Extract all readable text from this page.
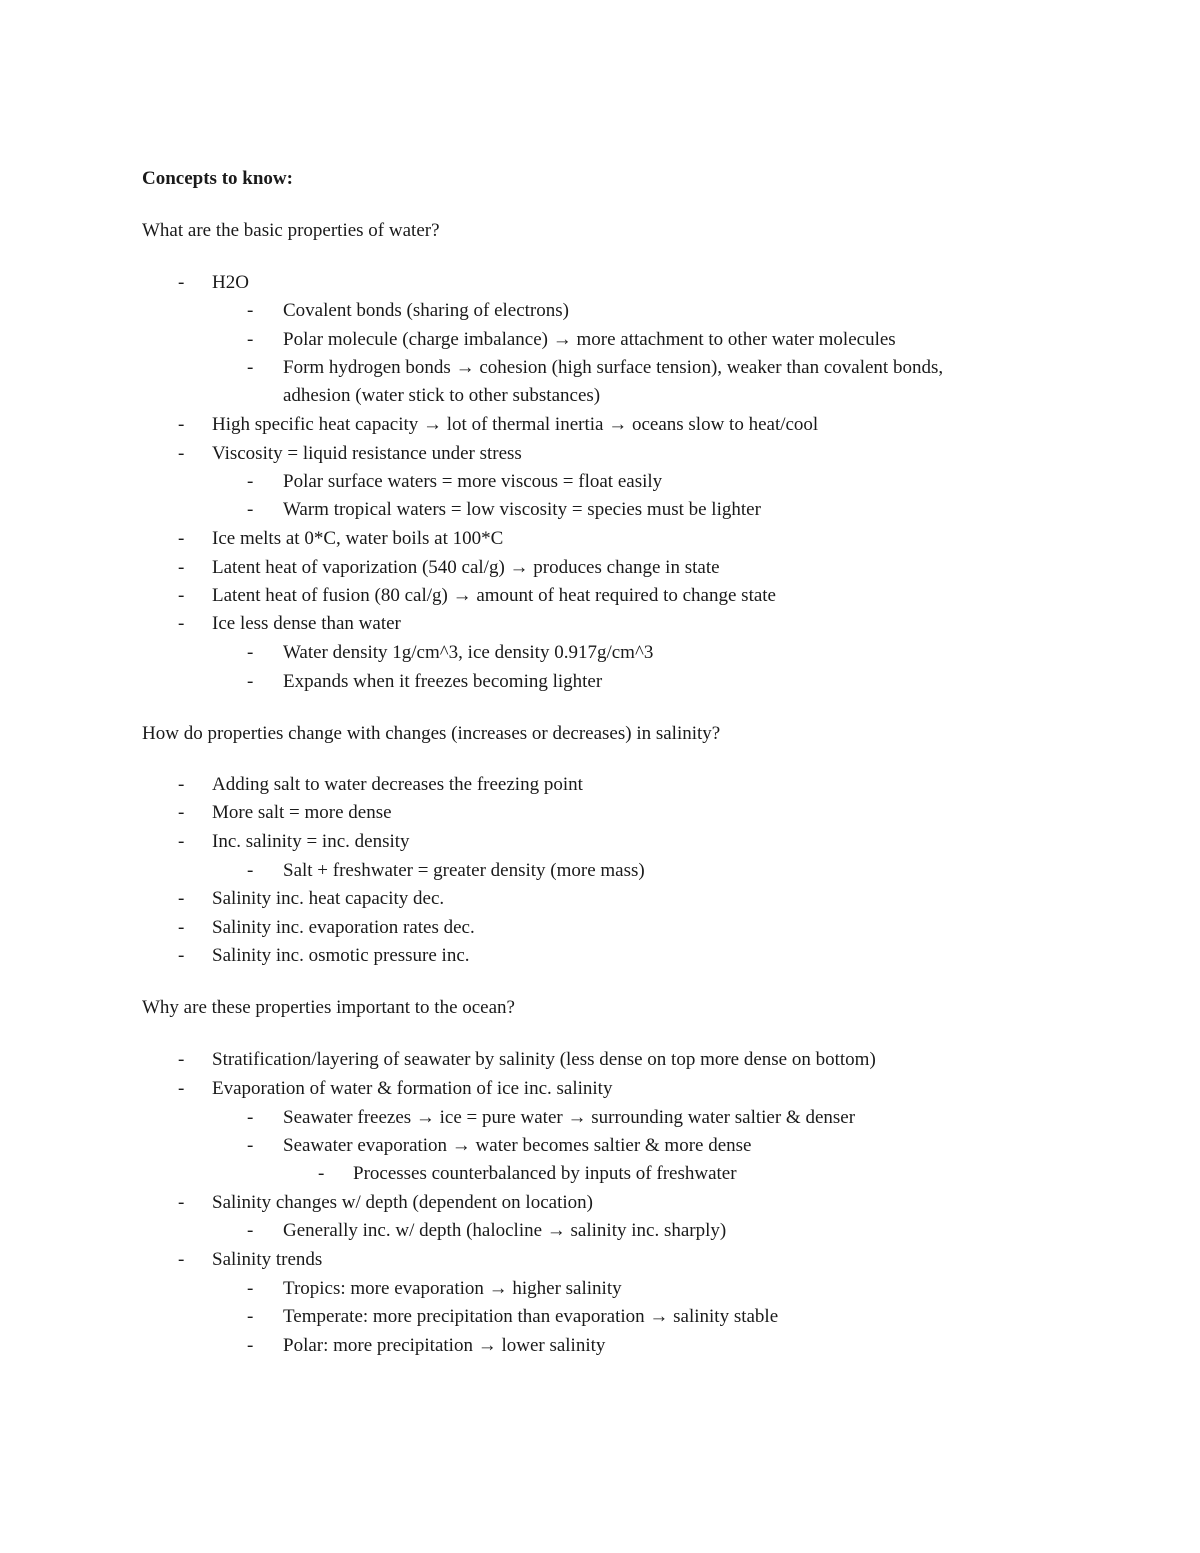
Concepts to know:
What are the basic properties of water?
- H2O
- Covalent bonds (sharing of electrons)
- Polar molecule (charge imbalance) → more attachment to other water molecules
- Form hydrogen bonds → cohesion (high surface tension), weaker than covalent bonds,
adhesion (water stick to other substances)
- High specific heat capacity → lot of thermal inertia → oceans slow to heat/cool
- Viscosity = liquid resistance under stress
- Polar surface waters = more viscous = float easily
- Warm tropical waters = low viscosity = species must be lighter
- Ice melts at 0*C, water boils at 100*C
- Latent heat of vaporization (540 cal/g) → produces change in state
- Latent heat of fusion (80 cal/g) → amount of heat required to change state
- Ice less dense than water
- Water density 1g/cm^3, ice density 0.917g/cm^3
- Expands when it freezes becoming lighter
How do properties change with changes (increases or decreases) in salinity?
- Adding salt to water decreases the freezing point
- More salt = more dense
- Inc. salinity = inc. density
- Salt + freshwater = greater density (more mass)
- Salinity inc. heat capacity dec.
- Salinity inc. evaporation rates dec.
- Salinity inc. osmotic pressure inc.
Why are these properties important to the ocean?
- Stratification/layering of seawater by salinity (less dense on top more dense on bottom)
- Evaporation of water & formation of ice inc. salinity
- Seawater freezes → ice = pure water → surrounding water saltier & denser
- Seawater evaporation → water becomes saltier & more dense
- Processes counterbalanced by inputs of freshwater
- Salinity changes w/ depth (dependent on location)
- Generally inc. w/ depth (halocline → salinity inc. sharply)
- Salinity trends
- Tropics: more evaporation → higher salinity
- Temperate: more precipitation than evaporation → salinity stable
- Polar: more precipitation → lower salinity
